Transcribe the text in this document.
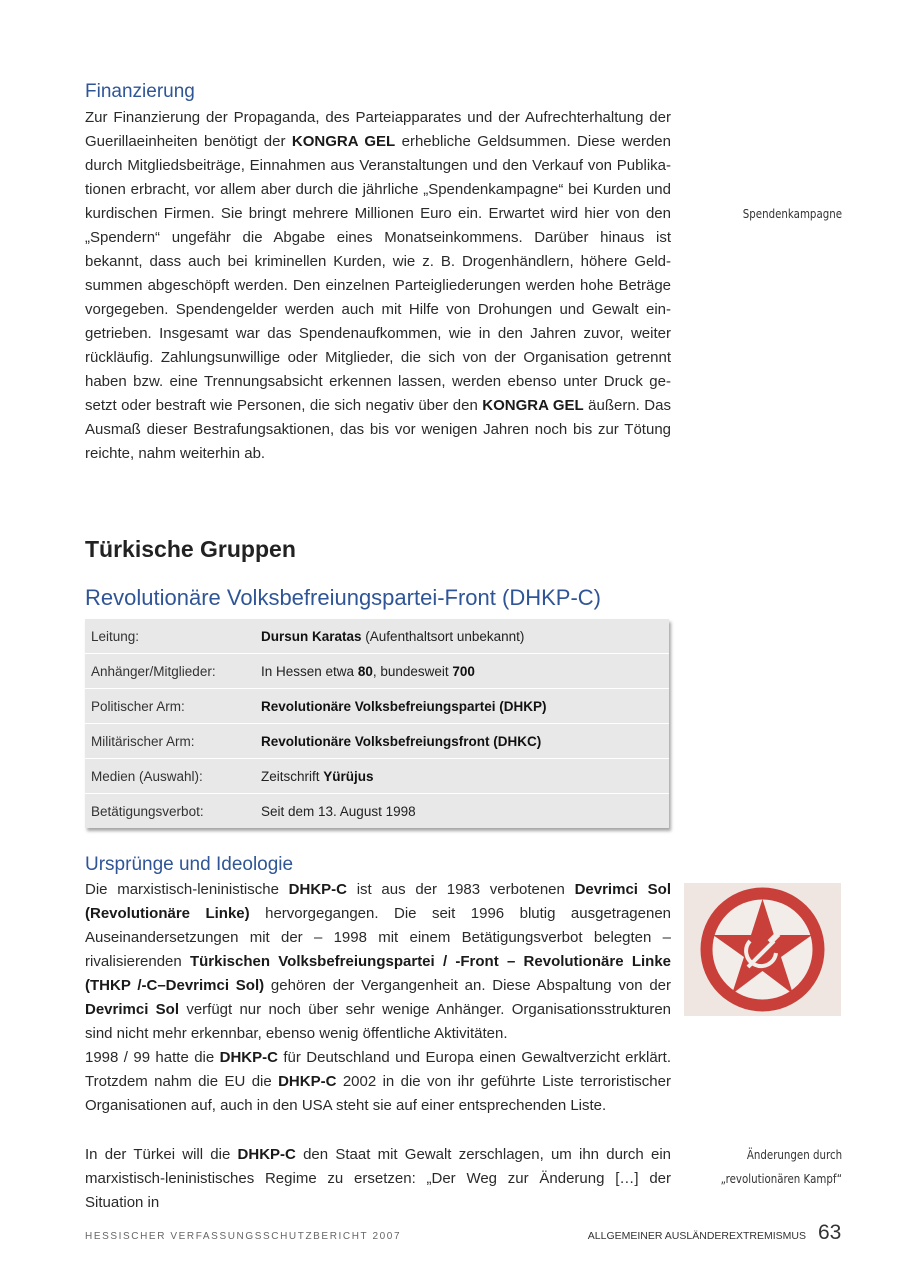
Finanzierung

Zur Finanzierung der Propaganda, des Parteiapparates und der Aufrechterhaltung der Guerillaeinheiten benötigt der KONGRA GEL erhebliche Geldsummen. Diese werden durch Mitgliedsbeiträge, Einnahmen aus Veranstaltungen und den Verkauf von Publikationen erbracht, vor allem aber durch die jährliche „Spendenkampagne“ bei Kurden und kurdischen Firmen. Sie bringt mehrere Millionen Euro ein. Erwartet wird hier von den „Spendern“ ungefähr die Abgabe eines Monatseinkommens. Darüber hinaus ist bekannt, dass auch bei kriminellen Kurden, wie z. B. Drogenhändlern, höhere Geldsummen abgeschöpft werden. Den einzelnen Parteigliederungen werden hohe Beträge vorgegeben. Spendengelder werden auch mit Hilfe von Drohungen und Gewalt eingetrieben. Insgesamt war das Spendenaufkommen, wie in den Jahren zuvor, weiter rückläufig. Zahlungsunwillige oder Mitglieder, die sich von der Organisation getrennt haben bzw. eine Trennungsabsicht erkennen lassen, werden ebenso unter Druck gesetzt oder bestraft wie Personen, die sich negativ über den KONGRA GEL äußern. Das Ausmaß dieser Bestrafungsaktionen, das bis vor wenigen Jahren noch bis zur Tötung reichte, nahm weiterhin ab.

Spendenkampagne
Türkische Gruppen
Revolutionäre Volksbefreiungspartei-Front (DHKP-C)
Leitung:	Dursun Karatas (Aufenthaltsort unbekannt)
Anhänger/Mitglieder:	In Hessen etwa 80, bundesweit 700
Politischer Arm:	Revolutionäre Volksbefreiungspartei (DHKP)
Militärischer Arm:	Revolutionäre Volksbefreiungsfront (DHKC)
Medien (Auswahl):	Zeitschrift Yürüjus
Betätigungsverbot:	Seit dem 13. August 1998
Ursprünge und Ideologie

Die marxistisch-leninistische DHKP-C ist aus der 1983 verbotenen Devrimci Sol (Revolutionäre Linke) hervorgegangen. Die seit 1996 blutig ausgetragenen Auseinandersetzungen mit der – 1998 mit einem Betätigungsverbot belegten – rivalisierenden Türkischen Volksbefreiungspartei / -Front – Revolutionäre Linke (THKP /-C–Devrimci Sol) gehören der Vergangenheit an. Diese Abspaltung von der Devrimci Sol verfügt nur noch über sehr wenige Anhänger. Organisationsstrukturen sind nicht mehr erkennbar, ebenso wenig öffentliche Aktivitäten.
1998 / 99 hatte die DHKP-C für Deutschland und Europa einen Gewaltverzicht erklärt. Trotzdem nahm die EU die DHKP-C 2002 in die von ihr geführte Liste terroristischer Organisationen auf, auch in den USA steht sie auf einer entsprechenden Liste.

In der Türkei will die DHKP-C den Staat mit Gewalt zerschlagen, um ihn durch ein marxistisch-leninistisches Regime zu ersetzen: „Der Weg zur Änderung […] der Situation in

Änderungen durch
„revolutionären Kampf“
HESSISCHER VERFASSUNGSSCHUTZBERICHT 2007	ALLGEMEINER AUSLÄNDEREXTREMISMUS 63
